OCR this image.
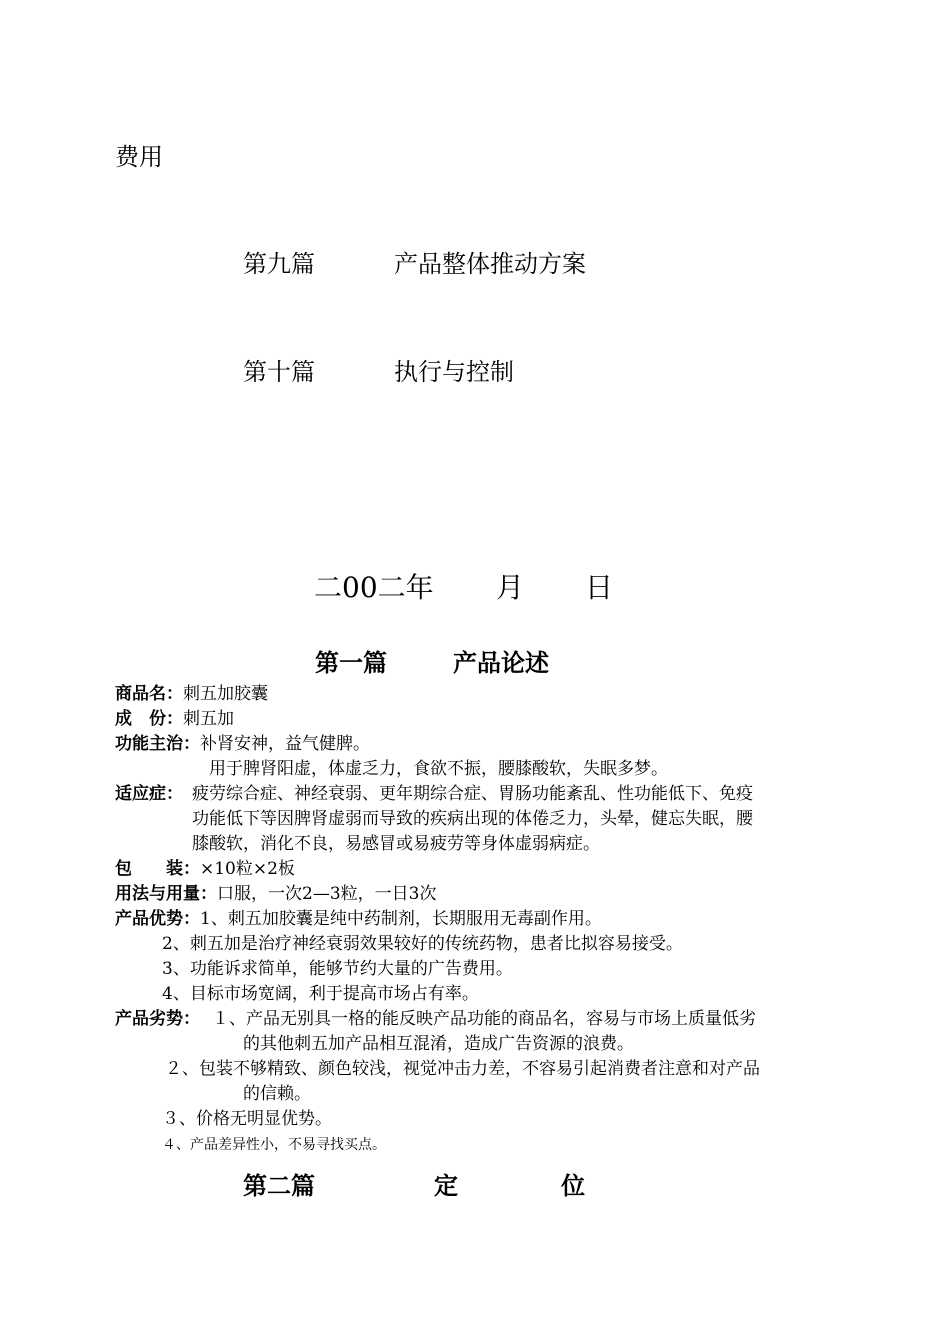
费用
第九篇	产品整体推动方案
第十篇	执行与控制
二00二年 月 日
第一篇	产品论述
商品名：刺五加胶囊
成　份：刺五加
功能主治：补肾安神，益气健脾。
用于脾肾阳虚，体虚乏力，食欲不振，腰膝酸软，失眠多梦。
适应症： 疲劳综合症、神经衰弱、更年期综合症、胃肠功能紊乱、性功能低下、免疫
功能低下等因脾肾虚弱而导致的疾病出现的体倦乏力，头晕，健忘失眠，腰
膝酸软，消化不良，易感冒或易疲劳等身体虚弱病症。
包　　装：×10粒×2板
用法与用量：口服，一次2—3粒，一日3次
产品优势：1、刺五加胶囊是纯中药制剂，长期服用无毒副作用。
2、刺五加是治疗神经衰弱效果较好的传统药物，患者比拟容易接受。
3、功能诉求简单，能够节约大量的广告费用。
4、目标市场宽阔，利于提高市场占有率。
产品劣势： １、产品无别具一格的能反映产品功能的商品名，容易与市场上质量低劣
的其他刺五加产品相互混淆，造成广告资源的浪费。
２、包装不够精致、颜色较浅，视觉冲击力差，不容易引起消费者注意和对产品
的信赖。
３、价格无明显优势。
４、产品差异性小，不易寻找买点。
第二篇	定	位
